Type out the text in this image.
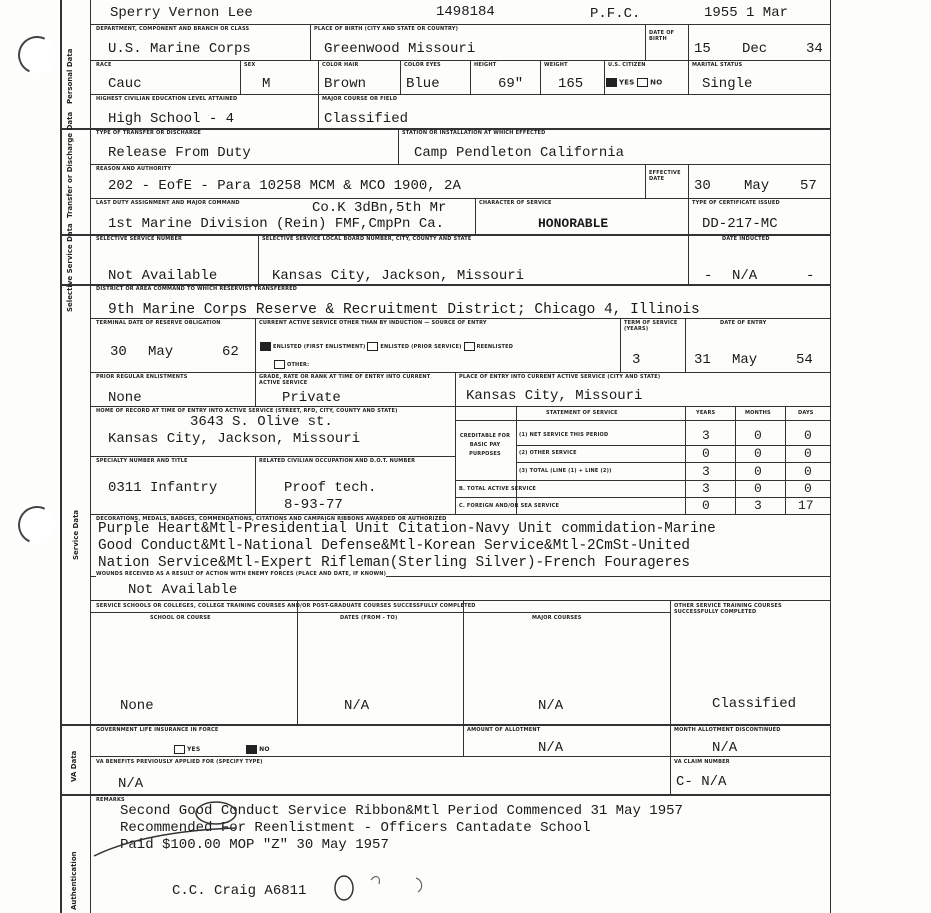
Personal Data
Transfer or Discharge Data
Selective Service Data
Service Data
VA Data
Authentication
Sperry Vernon Lee	1498184	P.F.C.	1955 1 Mar
DEPARTMENT, COMPONENT AND BRANCH OR CLASS
U.S. Marine Corps
PLACE OF BIRTH (CITY AND STATE OR COUNTRY)
Greenwood Missouri
DATE OF BIRTH
15 Dec	34
RACE
Cauc
SEX
M
COLOR HAIR
Brown
COLOR EYES
Blue
HEIGHT
69"
WEIGHT
165
U.S. CITIZEN
YES NO
MARITAL STATUS
Single
HIGHEST CIVILIAN EDUCATION LEVEL ATTAINED
High School - 4
MAJOR COURSE OR FIELD
Classified
TYPE OF TRANSFER OR DISCHARGE
Release From Duty
STATION OR INSTALLATION AT WHICH EFFECTED
Camp Pendleton California
REASON AND AUTHORITY
202 - EofE - Para 10258 MCM & MCO 1900, 2A
EFFECTIVE DATE	30 May 57
LAST DUTY ASSIGNMENT AND MAJOR COMMAND	Co.K 3dBn,5th Mr
1st Marine Division (Rein) FMF,CmpPn Ca.
CHARACTER OF SERVICE
HONORABLE
TYPE OF CERTIFICATE ISSUED
DD-217-MC
SELECTIVE SERVICE NUMBER
Not Available
SELECTIVE SERVICE LOCAL BOARD NUMBER, CITY, COUNTY AND STATE
Kansas City, Jackson, Missouri
DATE INDUCTED
- N/A	-
DISTRICT OR AREA COMMAND TO WHICH RESERVIST TRANSFERRED
9th Marine Corps Reserve & Recruitment District; Chicago 4, Illinois
TERMINAL DATE OF RESERVE OBLIGATION
30 May	62
CURRENT ACTIVE SERVICE OTHER THAN BY INDUCTION — SOURCE OF ENTRY
ENLISTED (FIRST ENLISTMENT)	ENLISTED (PRIOR SERVICE)	REENLISTED
OTHER:
TERM OF SERVICE (YEARS)
3
DATE OF ENTRY
31 May	54
PRIOR REGULAR ENLISTMENTS
None
GRADE, RATE OR RANK AT TIME OF ENTRY INTO CURRENT ACTIVE SERVICE
Private
PLACE OF ENTRY INTO CURRENT ACTIVE SERVICE (CITY AND STATE)
Kansas City, Missouri
HOME OF RECORD AT TIME OF ENTRY INTO ACTIVE SERVICE (STREET, RFD, CITY, COUNTY AND STATE)
3643 S. Olive st.
Kansas City, Jackson, Missouri
SPECIALTY NUMBER AND TITLE
0311 Infantry
RELATED CIVILIAN OCCUPATION AND D.O.T. NUMBER
Proof tech.
8-93-77
STATEMENT OF SERVICE	YEARS	MONTHS	DAYS
CREDITABLE FOR BASIC PAY PURPOSES
(1) NET SERVICE THIS PERIOD	3	0	0
(2) OTHER SERVICE	0	0	0
(3) TOTAL (LINE (1) + LINE (2))	3	0	0
B. TOTAL ACTIVE SERVICE	3	0	0
C. FOREIGN AND/OR SEA SERVICE	0	3	17
DECORATIONS, MEDALS, BADGES, COMMENDATIONS, CITATIONS AND CAMPAIGN RIBBONS AWARDED OR AUTHORIZED
Purple Heart&Mtl-Presidential Unit Citation-Navy Unit commidation-Marine
Good Conduct&Mtl-National Defense&Mtl-Korean Service&Mtl-2CmSt-United
Nation Service&Mtl-Expert Rifleman(Sterling Silver)-French Fourageres
WOUNDS RECEIVED AS A RESULT OF ACTION WITH ENEMY FORCES (PLACE AND DATE, IF KNOWN)
Not Available
SERVICE SCHOOLS OR COLLEGES, COLLEGE TRAINING COURSES AND/OR POST-GRADUATE COURSES SUCCESSFULLY COMPLETED
SCHOOL OR COURSE	DATES (FROM - TO)	MAJOR COURSES
OTHER SERVICE TRAINING COURSES SUCCESSFULLY COMPLETED
None	N/A	N/A	Classified
GOVERNMENT LIFE INSURANCE IN FORCE
YES	NO
AMOUNT OF ALLOTMENT
N/A
MONTH ALLOTMENT DISCONTINUED
N/A
VA BENEFITS PREVIOUSLY APPLIED FOR (SPECIFY TYPE)
N/A
VA CLAIM NUMBER
C- N/A
REMARKS
Second Good Conduct Service Ribbon&Mtl Period Commenced 31 May 1957
Recommended For Reenlistment - Officers Cantadate School
Paid $100.00 MOP "Z" 30 May 1957
C.C. Craig A6811
